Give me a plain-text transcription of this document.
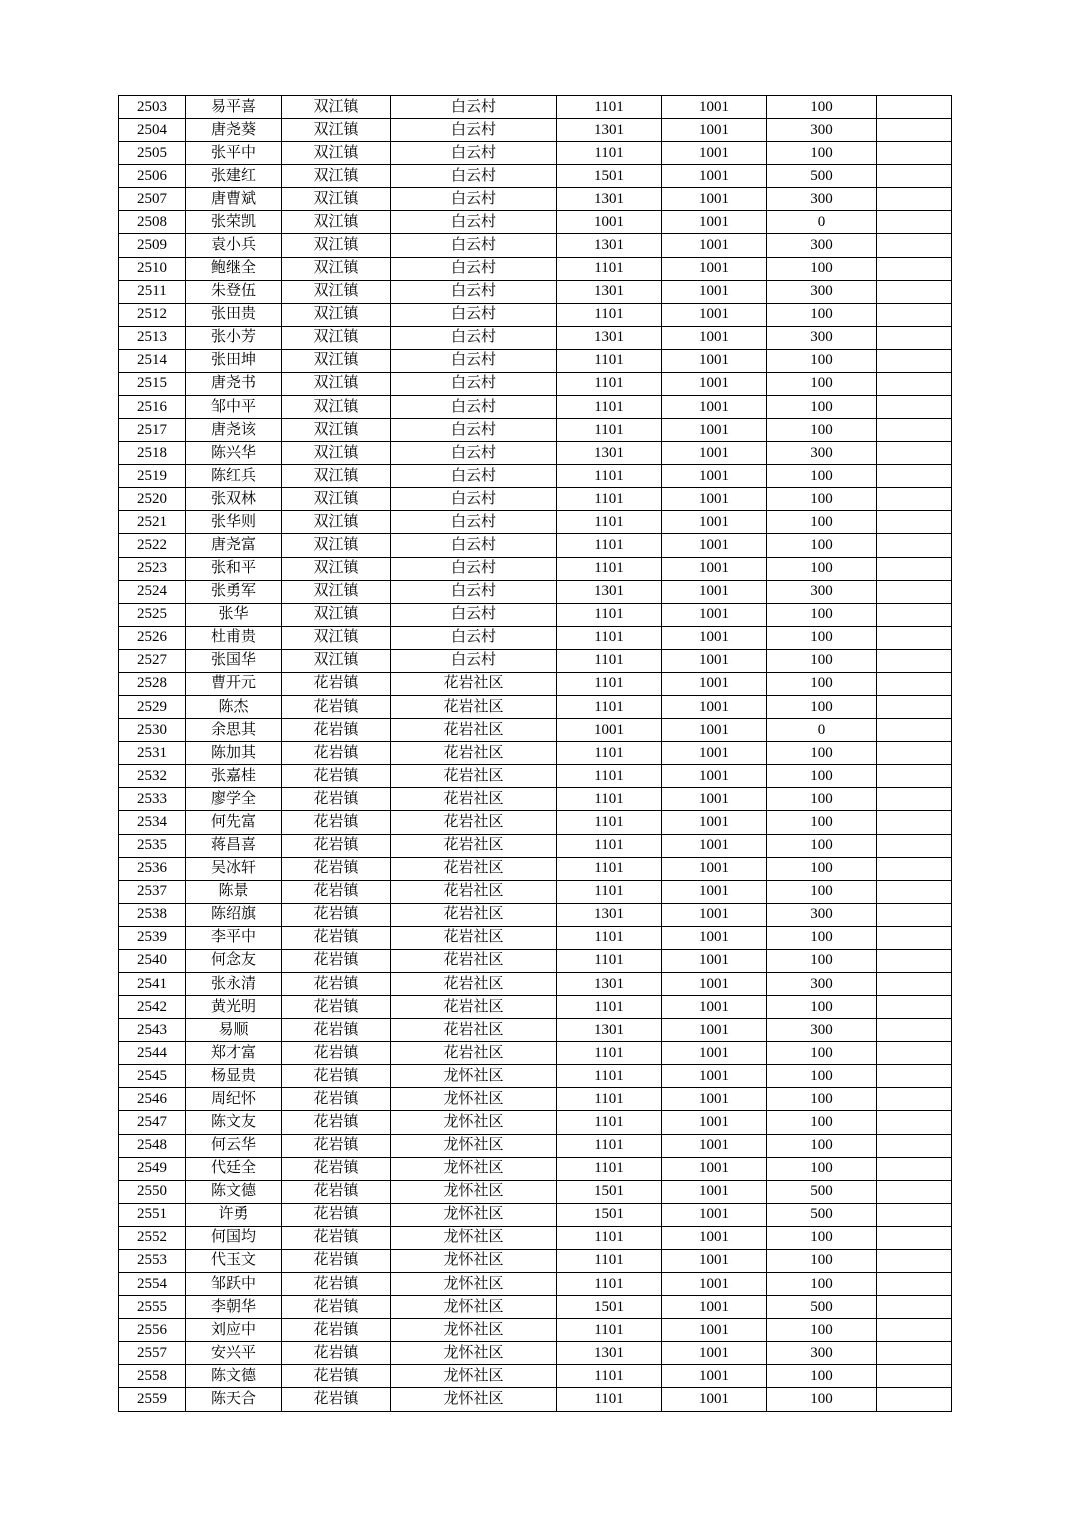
2503	易平喜	双江镇	白云村	1101	1001	100	
2504	唐尧葵	双江镇	白云村	1301	1001	300	
2505	张平中	双江镇	白云村	1101	1001	100	
2506	张建红	双江镇	白云村	1501	1001	500	
2507	唐曹斌	双江镇	白云村	1301	1001	300	
2508	张荣凯	双江镇	白云村	1001	1001	0	
2509	袁小兵	双江镇	白云村	1301	1001	300	
2510	鲍继全	双江镇	白云村	1101	1001	100	
2511	朱登伍	双江镇	白云村	1301	1001	300	
2512	张田贵	双江镇	白云村	1101	1001	100	
2513	张小芳	双江镇	白云村	1301	1001	300	
2514	张田坤	双江镇	白云村	1101	1001	100	
2515	唐尧书	双江镇	白云村	1101	1001	100	
2516	邹中平	双江镇	白云村	1101	1001	100	
2517	唐尧该	双江镇	白云村	1101	1001	100	
2518	陈兴华	双江镇	白云村	1301	1001	300	
2519	陈红兵	双江镇	白云村	1101	1001	100	
2520	张双林	双江镇	白云村	1101	1001	100	
2521	张华则	双江镇	白云村	1101	1001	100	
2522	唐尧富	双江镇	白云村	1101	1001	100	
2523	张和平	双江镇	白云村	1101	1001	100	
2524	张勇军	双江镇	白云村	1301	1001	300	
2525	张华	双江镇	白云村	1101	1001	100	
2526	杜甫贵	双江镇	白云村	1101	1001	100	
2527	张国华	双江镇	白云村	1101	1001	100	
2528	曹开元	花岩镇	花岩社区	1101	1001	100	
2529	陈杰	花岩镇	花岩社区	1101	1001	100	
2530	余思其	花岩镇	花岩社区	1001	1001	0	
2531	陈加其	花岩镇	花岩社区	1101	1001	100	
2532	张嘉桂	花岩镇	花岩社区	1101	1001	100	
2533	廖学全	花岩镇	花岩社区	1101	1001	100	
2534	何先富	花岩镇	花岩社区	1101	1001	100	
2535	蒋昌喜	花岩镇	花岩社区	1101	1001	100	
2536	吴冰轩	花岩镇	花岩社区	1101	1001	100	
2537	陈景	花岩镇	花岩社区	1101	1001	100	
2538	陈绍旗	花岩镇	花岩社区	1301	1001	300	
2539	李平中	花岩镇	花岩社区	1101	1001	100	
2540	何念友	花岩镇	花岩社区	1101	1001	100	
2541	张永清	花岩镇	花岩社区	1301	1001	300	
2542	黄光明	花岩镇	花岩社区	1101	1001	100	
2543	易顺	花岩镇	花岩社区	1301	1001	300	
2544	郑才富	花岩镇	花岩社区	1101	1001	100	
2545	杨显贵	花岩镇	龙怀社区	1101	1001	100	
2546	周纪怀	花岩镇	龙怀社区	1101	1001	100	
2547	陈文友	花岩镇	龙怀社区	1101	1001	100	
2548	何云华	花岩镇	龙怀社区	1101	1001	100	
2549	代廷全	花岩镇	龙怀社区	1101	1001	100	
2550	陈文德	花岩镇	龙怀社区	1501	1001	500	
2551	许勇	花岩镇	龙怀社区	1501	1001	500	
2552	何国均	花岩镇	龙怀社区	1101	1001	100	
2553	代玉文	花岩镇	龙怀社区	1101	1001	100	
2554	邹跃中	花岩镇	龙怀社区	1101	1001	100	
2555	李朝华	花岩镇	龙怀社区	1501	1001	500	
2556	刘应中	花岩镇	龙怀社区	1101	1001	100	
2557	安兴平	花岩镇	龙怀社区	1301	1001	300	
2558	陈文德	花岩镇	龙怀社区	1101	1001	100	
2559	陈天合	花岩镇	龙怀社区	1101	1001	100	
